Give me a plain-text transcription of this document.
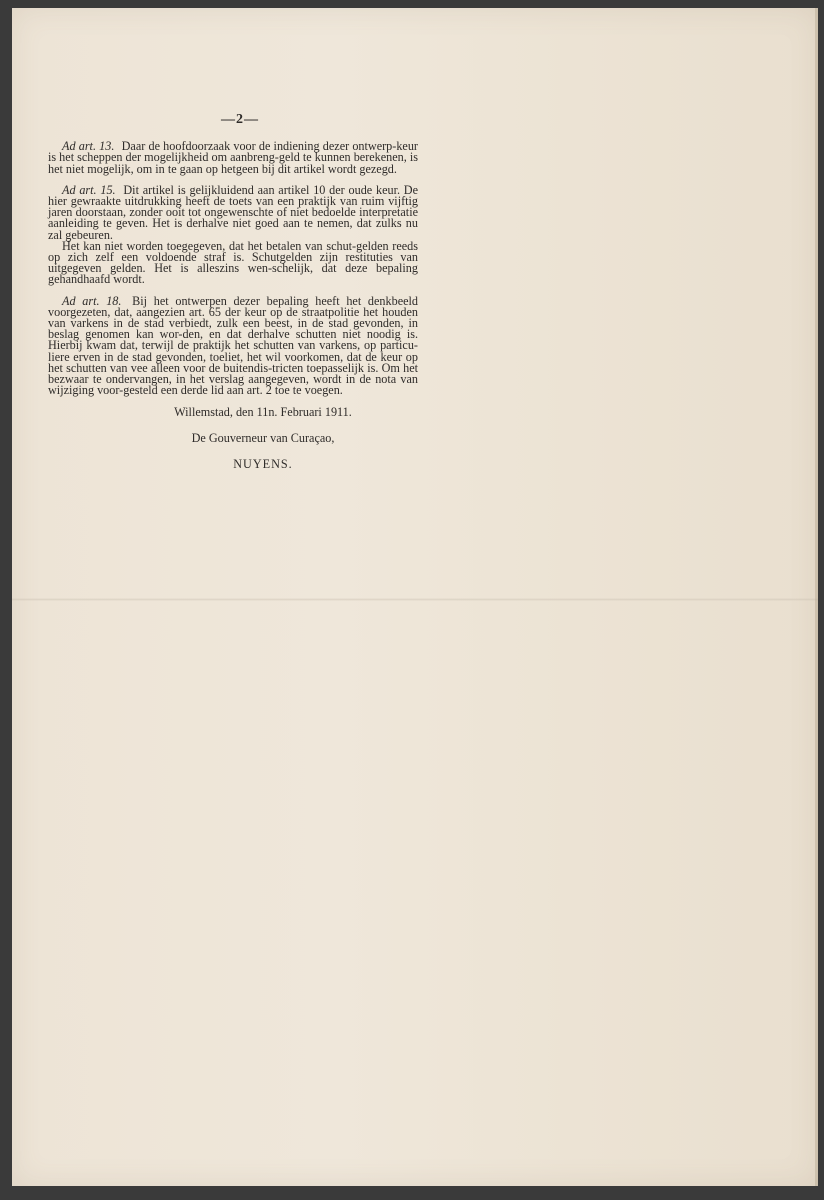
—2—

Ad art. 13. Daar de hoofdoorzaak voor de indiening dezer ontwerp-keur is het scheppen der mogelijkheid om aanbreng-geld te kunnen berekenen, is het niet mogelijk, om in te gaan op hetgeen bij dit artikel wordt gezegd.

Ad art. 15. Dit artikel is gelijkluidend aan artikel 10 der oude keur. De hier gewraakte uitdrukking heeft de toets van een praktijk van ruim vijftig jaren doorstaan, zonder ooit tot ongewenschte of niet bedoelde interpretatie aanleiding te geven. Het is derhalve niet goed aan te nemen, dat zulks nu zal gebeuren.

Het kan niet worden toegegeven, dat het betalen van schut-gelden reeds op zich zelf een voldoende straf is. Schutgelden zijn restituties van uitgegeven gelden. Het is alleszins wen-schelijk, dat deze bepaling gehandhaafd wordt.

Ad art. 18. Bij het ontwerpen dezer bepaling heeft het denkbeeld voorgezeten, dat, aangezien art. 65 der keur op de straatpolitie het houden van varkens in de stad verbiedt, zulk een beest, in de stad gevonden, in beslag genomen kan wor-den, en dat derhalve schutten niet noodig is. Hierbij kwam dat, terwijl de praktijk het schutten van varkens, op particu-liere erven in de stad gevonden, toeliet, het wil voorkomen, dat de keur op het schutten van vee alleen voor de buitendis-tricten toepasselijk is. Om het bezwaar te ondervangen, in het verslag aangegeven, wordt in de nota van wijziging voor-gesteld een derde lid aan art. 2 toe te voegen.

Willemstad, den 11n. Februari 1911.
De Gouverneur van Curaçao,
NUYENS.
